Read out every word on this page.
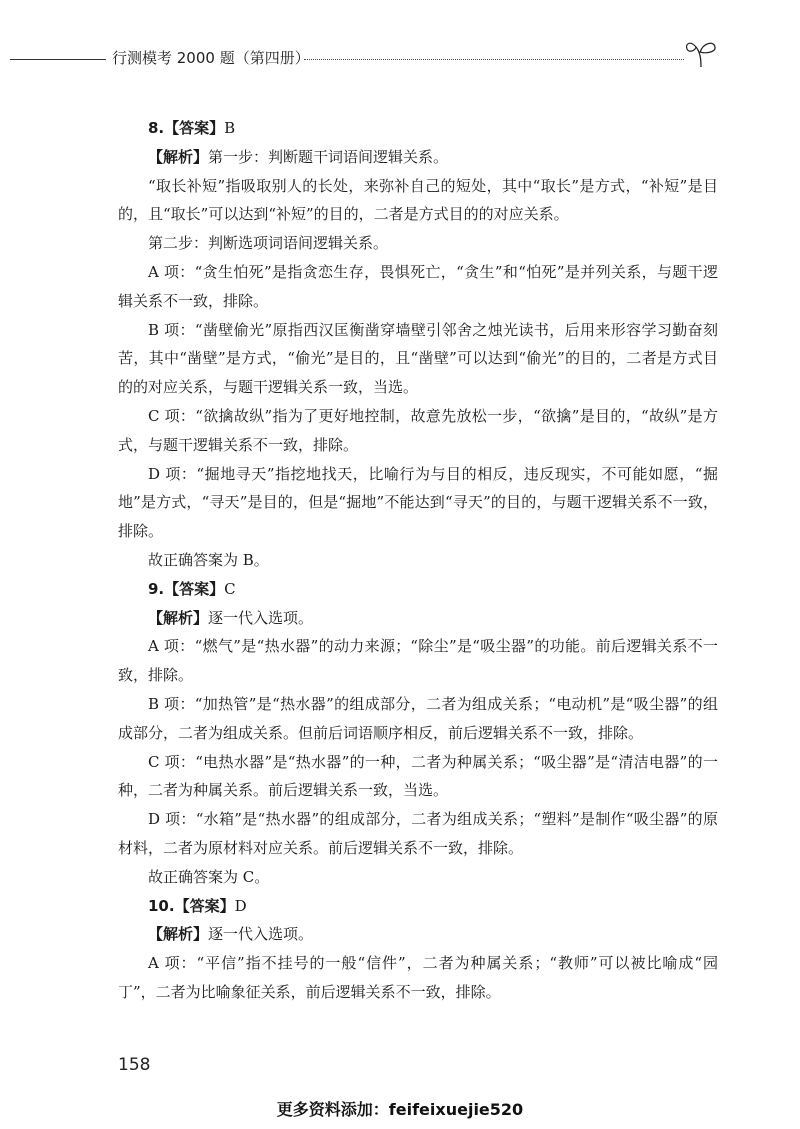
行测模考 2000 题（第四册）

8.【答案】B

【解析】第一步：判断题干词语间逻辑关系。

“取长补短”指吸取别人的长处，来弥补自己的短处，其中“取长”是方式，“补短”是目的，且“取长”可以达到“补短”的目的，二者是方式目的的对应关系。

第二步：判断选项词语间逻辑关系。

A 项：“贪生怕死”是指贪恋生存，畏惧死亡，“贪生”和“怕死”是并列关系，与题干逻辑关系不一致，排除。

B 项：“凿壁偷光”原指西汉匡衡凿穿墙壁引邻舍之烛光读书，后用来形容学习勤奋刻苦，其中“凿壁”是方式，“偷光”是目的，且“凿壁”可以达到“偷光”的目的，二者是方式目的的对应关系，与题干逻辑关系一致，当选。

C 项：“欲擒故纵”指为了更好地控制，故意先放松一步，“欲擒”是目的，“故纵”是方式，与题干逻辑关系不一致，排除。

D 项：“掘地寻天”指挖地找天，比喻行为与目的相反，违反现实，不可能如愿，“掘地”是方式，“寻天”是目的，但是“掘地”不能达到“寻天”的目的，与题干逻辑关系不一致，排除。

故正确答案为 B。

9.【答案】C

【解析】逐一代入选项。

A 项：“燃气”是“热水器”的动力来源；“除尘”是“吸尘器”的功能。前后逻辑关系不一致，排除。

B 项：“加热管”是“热水器”的组成部分，二者为组成关系；“电动机”是“吸尘器”的组成部分，二者为组成关系。但前后词语顺序相反，前后逻辑关系不一致，排除。

C 项：“电热水器”是“热水器”的一种，二者为种属关系；“吸尘器”是“清洁电器”的一种，二者为种属关系。前后逻辑关系一致，当选。

D 项：“水箱”是“热水器”的组成部分，二者为组成关系；“塑料”是制作“吸尘器”的原材料，二者为原材料对应关系。前后逻辑关系不一致，排除。

故正确答案为 C。

10.【答案】D

【解析】逐一代入选项。

A 项：“平信”指不挂号的一般“信件”，二者为种属关系；“教师”可以被比喻成“园丁”，二者为比喻象征关系，前后逻辑关系不一致，排除。

158
更多资料添加：feifeixuejie520
